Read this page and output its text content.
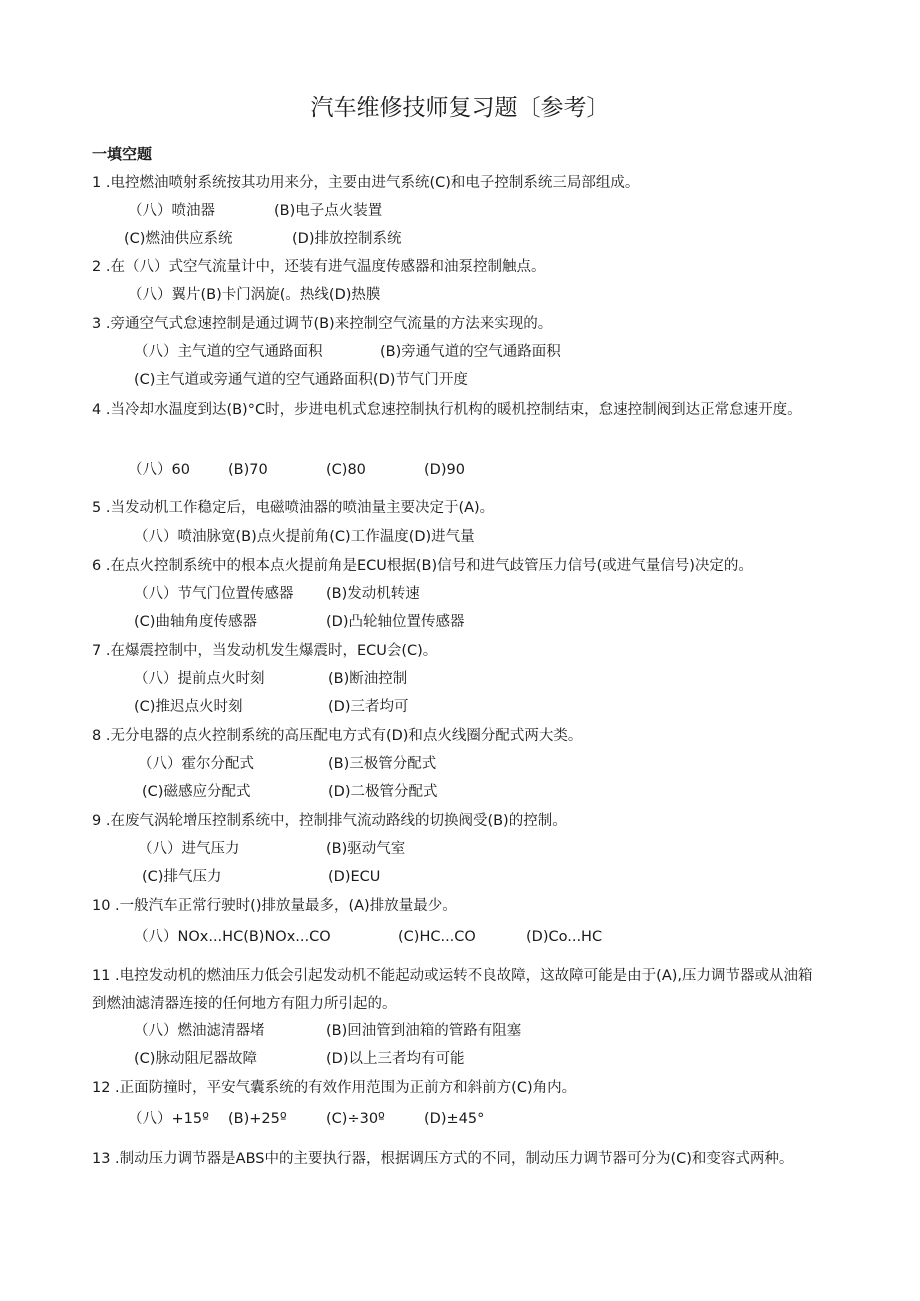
汽车维修技师复习题〔参考〕
一填空题
1 .电控燃油喷射系统按其功用来分，主要由进气系统(C)和电子控制系统三局部组成。
（八）喷油器	(B)电子点火装置
(C)燃油供应系统	(D)排放控制系统
2 .在（八）式空气流量计中，还装有进气温度传感器和油泵控制触点。
（八）翼片(B)卡门涡旋(。热线(D)热膜
3 .旁通空气式怠速控制是通过调节(B)来控制空气流量的方法来实现的。
（八）主气道的空气通路面积	(B)旁通气道的空气通路面积
(C)主气道或旁通气道的空气通路面积(D)节气门开度
4 .当冷却水温度到达(B)°C时，步进电机式怠速控制执行机构的暖机控制结束，怠速控制阀到达正常怠速开度。
（八）60	(B)70	(C)80	(D)90
5 .当发动机工作稳定后，电磁喷油器的喷油量主要决定于(A)。
（八）喷油脉宽(B)点火提前角(C)工作温度(D)进气量
6 .在点火控制系统中的根本点火提前角是ECU根据(B)信号和进气歧管压力信号(或进气量信号)决定的。
（八）节气门位置传感器 (B)发动机转速
(C)曲轴角度传感器	(D)凸轮轴位置传感器
7 .在爆震控制中，当发动机发生爆震时，ECU会(C)。
（八）提前点火时刻	(B)断油控制
(C)推迟点火时刻	(D)三者均可
8 .无分电器的点火控制系统的高压配电方式有(D)和点火线圈分配式两大类。
（八）霍尔分配式	(B)三极管分配式
(C)磁感应分配式	(D)二极管分配式
9 .在废气涡轮增压控制系统中，控制排气流动路线的切换阀受(B)的控制。
（八）进气压力	(B)驱动气室
(C)排气压力	(D)ECU
10 .一般汽车正常行驶时()排放量最多，(A)排放量最少。
（八）NOx...HC(B)NOx...CO	(C)HC...CO	(D)Co...HC
11 .电控发动机的燃油压力低会引起发动机不能起动或运转不良故障，这故障可能是由于(A),压力调节器或从油箱到燃油滤清器连接的任何地方有阻力所引起的。
（八）燃油滤清器堵	(B)回油管到油箱的管路有阻塞
(C)脉动阻尼器故障	(D)以上三者均有可能
12 .正面防撞时，平安气囊系统的有效作用范围为正前方和斜前方(C)角内。
（八）+15º (B)+25º	(C)÷30º	(D)±45°
13 .制动压力调节器是ABS中的主要执行器，根据调压方式的不同，制动压力调节器可分为(C)和变容式两种。
